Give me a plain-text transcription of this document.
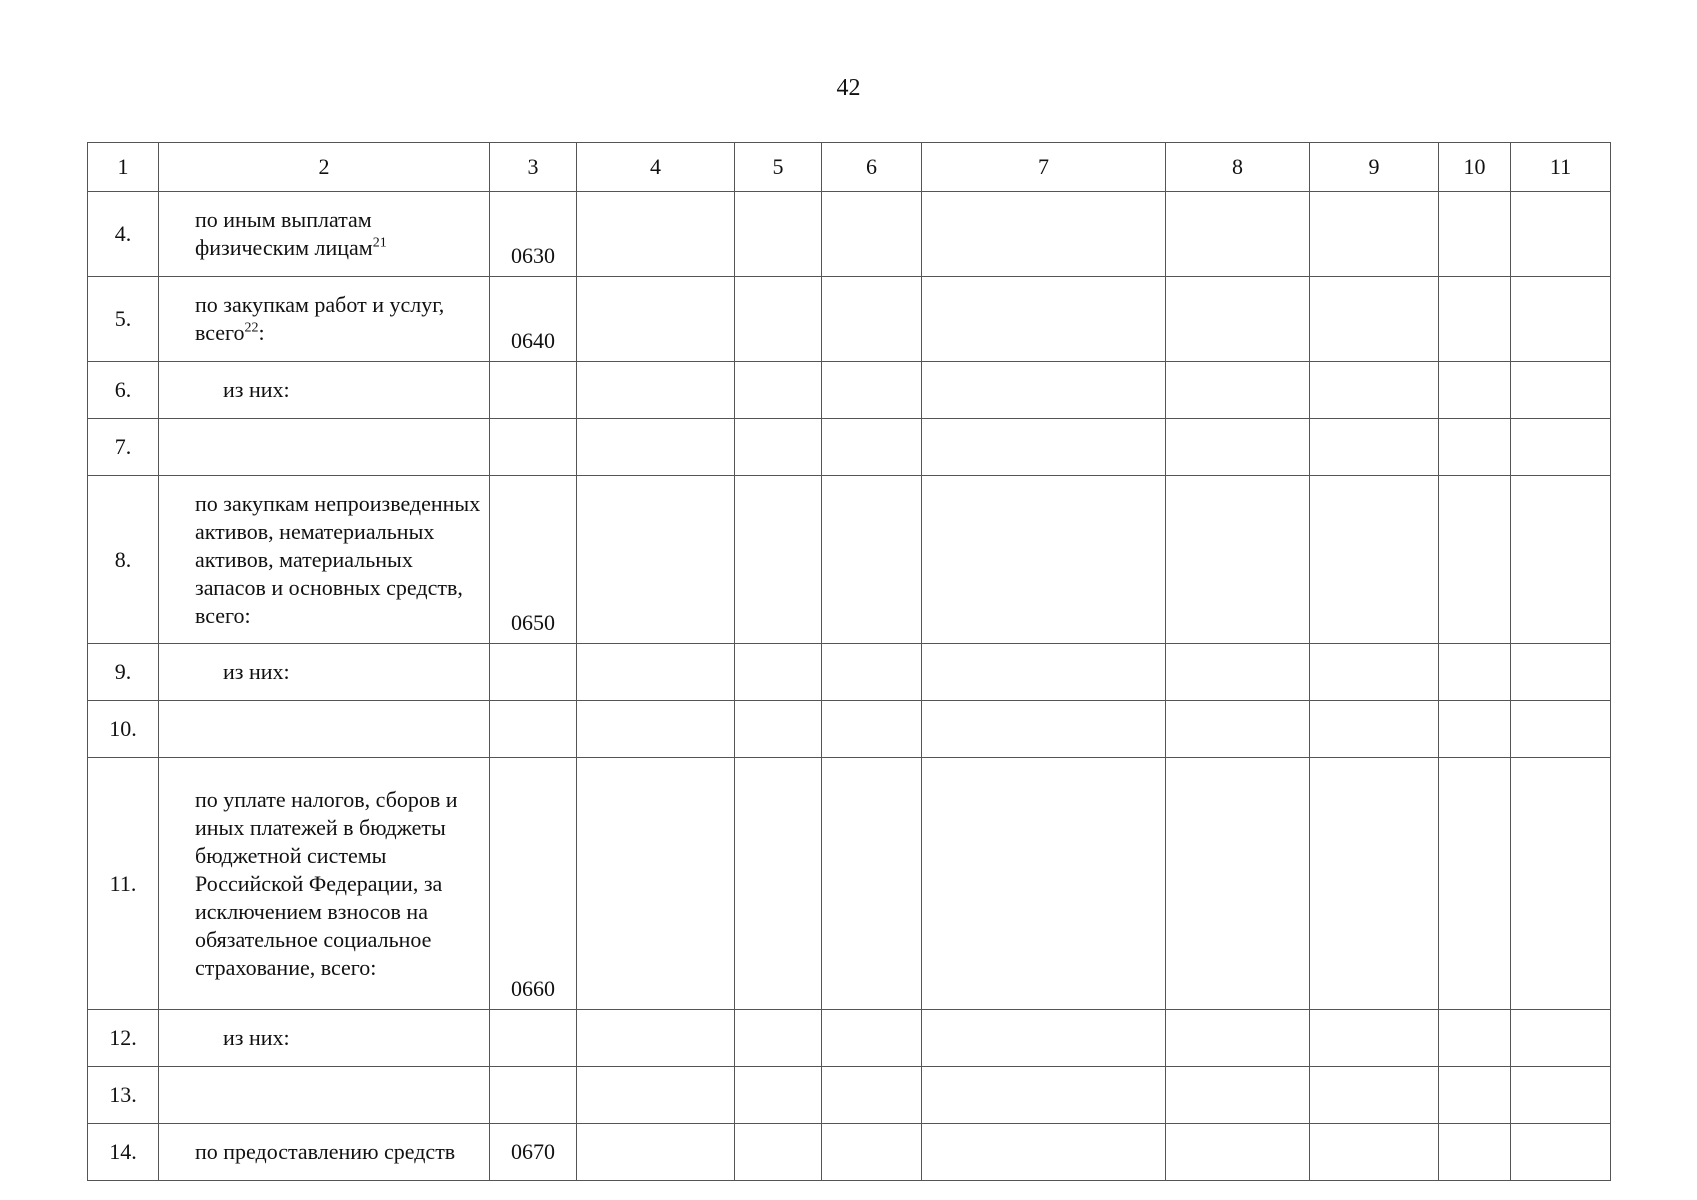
42
1	2	3	4	5	6	7	8	9	10	11
4.	по иным выплатам физическим лицам$^{21}$	0630								
5.	по закупкам работ и услуг, всего$^{22}$:	0640								
6.	из них:									
7.										
8.	по закупкам непроизведенных активов, нематериальных активов, материальных запасов и основных средств, всего:	0650								
9.	из них:									
10.										
11.	по уплате налогов, сборов и иных платежей в бюджеты бюджетной системы Российской Федерации, за исключением взносов на обязательное социальное страхование, всего:	0660								
12.	из них:									
13.										
14.	по предоставлению средств	0670								
